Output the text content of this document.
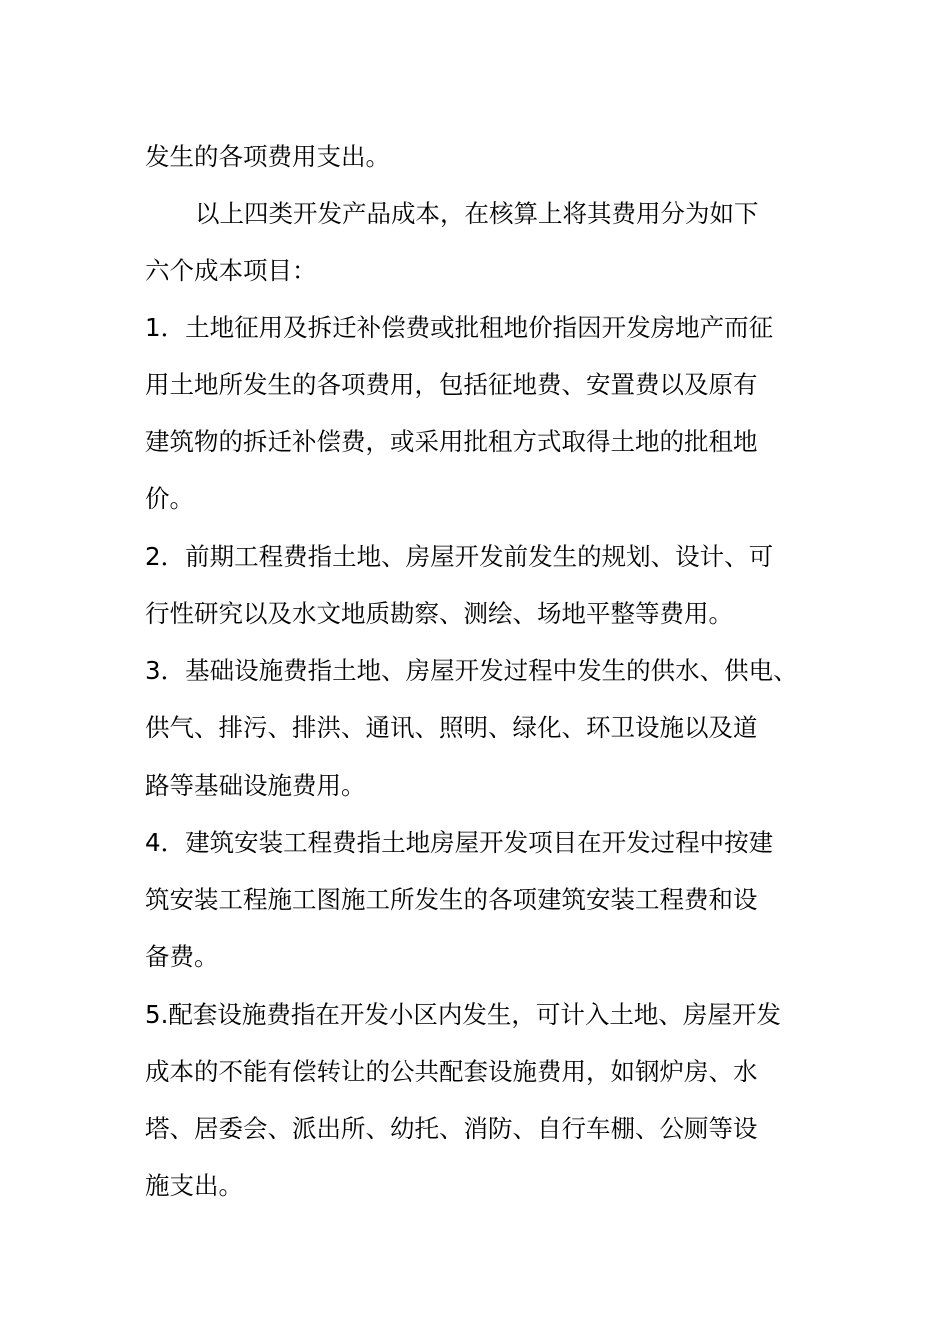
发生的各项费用支出。
以上四类开发产品成本，在核算上将其费用分为如下
六个成本项目：
1．土地征用及拆迁补偿费或批租地价指因开发房地产而征
用土地所发生的各项费用，包括征地费、安置费以及原有
建筑物的拆迁补偿费，或采用批租方式取得土地的批租地
价。
2．前期工程费指土地、房屋开发前发生的规划、设计、可
行性研究以及水文地质勘察、测绘、场地平整等费用。
3．基础设施费指土地、房屋开发过程中发生的供水、供电、
供气、排污、排洪、通讯、照明、绿化、环卫设施以及道
路等基础设施费用。
4．建筑安装工程费指土地房屋开发项目在开发过程中按建
筑安装工程施工图施工所发生的各项建筑安装工程费和设
备费。
5.配套设施费指在开发小区内发生，可计入土地、房屋开发
成本的不能有偿转让的公共配套设施费用，如钢炉房、水
塔、居委会、派出所、幼托、消防、自行车棚、公厕等设
施支出。
